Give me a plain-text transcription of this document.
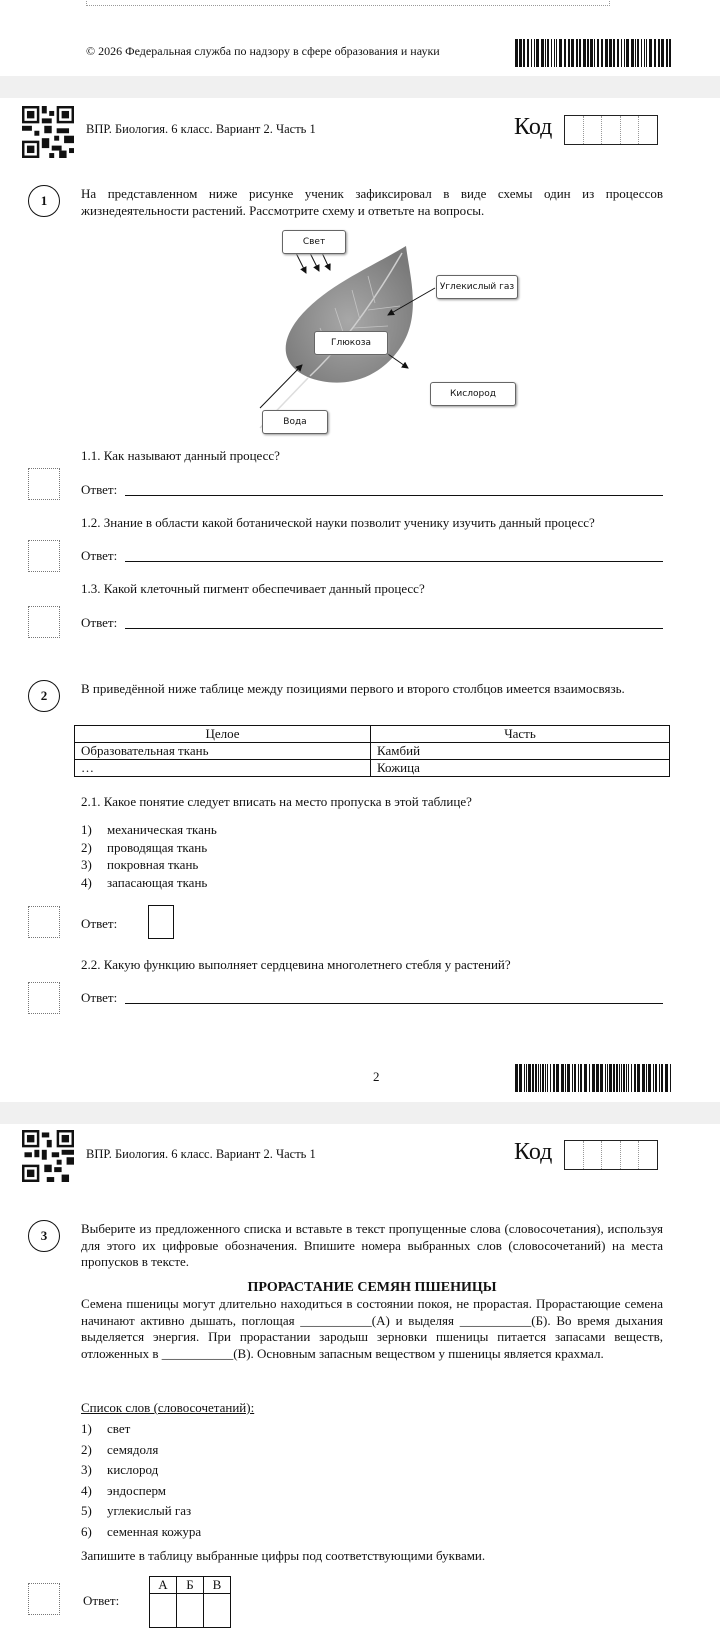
© 2026 Федеральная служба по надзору в сфере образования и науки
ВПР. Биология. 6 класс. Вариант 2. Часть 1	Код
1	На представленном ниже рисунке ученик зафиксировал в виде схемы один из процессов жизнедеятельности растений. Рассмотрите схему и ответьте на вопросы.
Свет
Углекислый газ
Глюкоза
Кислород
Вода
1.1. Как называют данный процесс?
Ответ:
1.2. Знание в области какой ботанической науки позволит ученику изучить данный процесс?
Ответ:
1.3. Какой клеточный пигмент обеспечивает данный процесс?
Ответ:
2	В приведённой ниже таблице между позициями первого и второго столбцов имеется взаимосвязь.
Целое	Часть
Образовательная ткань	Камбий
…	Кожица
2.1. Какое понятие следует вписать на место пропуска в этой таблице?
1) механическая ткань
2) проводящая ткань
3) покровная ткань
4) запасающая ткань
Ответ:
2.2. Какую функцию выполняет сердцевина многолетнего стебля у растений?
Ответ:
2
ВПР. Биология. 6 класс. Вариант 2. Часть 1	Код
3	Выберите из предложенного списка и вставьте в текст пропущенные слова (словосочетания), используя для этого их цифровые обозначения. Впишите номера выбранных слов (словосочетаний) на места пропусков в тексте.
ПРОРАСТАНИЕ СЕМЯН ПШЕНИЦЫ
Семена пшеницы могут длительно находиться в состоянии покоя, не прорастая. Прорастающие семена начинают активно дышать, поглощая ___________(А) и выделяя ___________(Б). Во время дыхания выделяется энергия. При прорастании зародыш зерновки пшеницы питается запасами веществ, отложенных в ___________(В). Основным запасным веществом у пшеницы является крахмал.
Список слов (словосочетаний):
1) свет
2) семядоля
3) кислород
4) эндосперм
5) углекислый газ
6) семенная кожура
Запишите в таблицу выбранные цифры под соответствующими буквами.
Ответ:
А	Б	В
